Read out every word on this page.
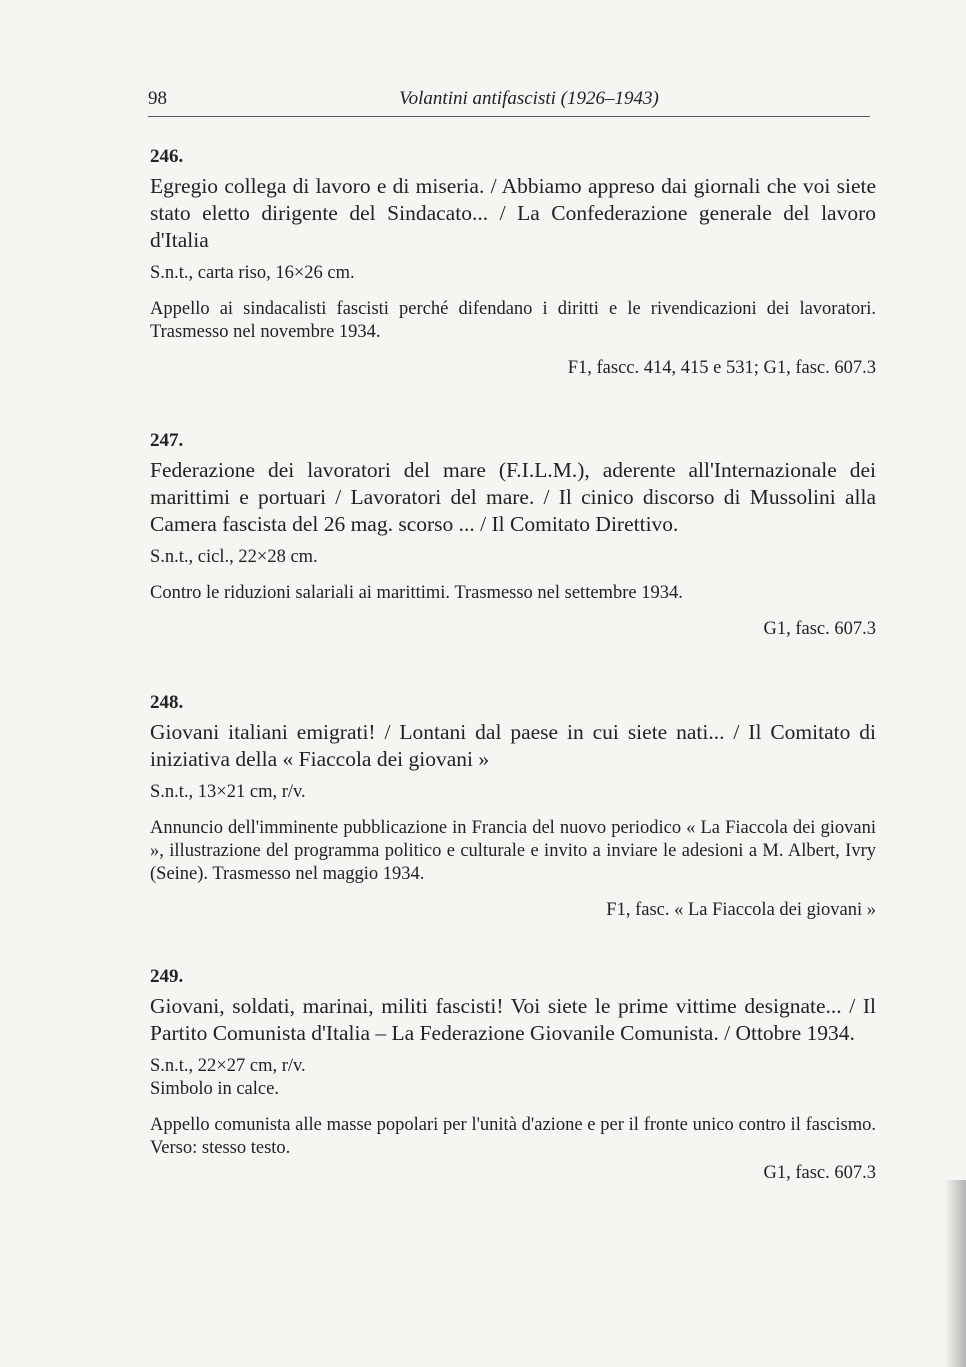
98	Volantini antifascisti (1926–1943)
246.
Egregio collega di lavoro e di miseria. / Abbiamo appreso dai giornali che voi siete stato eletto dirigente del Sindacato... / La Confederazione generale del lavoro d'Italia
S.n.t., carta riso, 16×26 cm.
Appello ai sindacalisti fascisti perché difendano i diritti e le rivendicazioni dei lavoratori. Trasmesso nel novembre 1934.
F1, fascc. 414, 415 e 531; G1, fasc. 607.3
247.
Federazione dei lavoratori del mare (F.I.L.M.), aderente all'Internazionale dei marittimi e portuari / Lavoratori del mare. / Il cinico discorso di Mussolini alla Camera fascista del 26 mag. scorso ... / Il Comitato Direttivo.
S.n.t., cicl., 22×28 cm.
Contro le riduzioni salariali ai marittimi. Trasmesso nel settembre 1934.
G1, fasc. 607.3
248.
Giovani italiani emigrati! / Lontani dal paese in cui siete nati... / Il Comitato di iniziativa della « Fiaccola dei giovani »
S.n.t., 13×21 cm, r/v.
Annuncio dell'imminente pubblicazione in Francia del nuovo periodico « La Fiaccola dei giovani », illustrazione del programma politico e culturale e invito a inviare le adesioni a M. Albert, Ivry (Seine). Trasmesso nel maggio 1934.
F1, fasc. « La Fiaccola dei giovani »
249.
Giovani, soldati, marinai, militi fascisti! Voi siete le prime vittime designate... / Il Partito Comunista d'Italia – La Federazione Giovanile Comunista. / Ottobre 1934.
S.n.t., 22×27 cm, r/v.
Simbolo in calce.
Appello comunista alle masse popolari per l'unità d'azione e per il fronte unico contro il fascismo. Verso: stesso testo.
G1, fasc. 607.3
